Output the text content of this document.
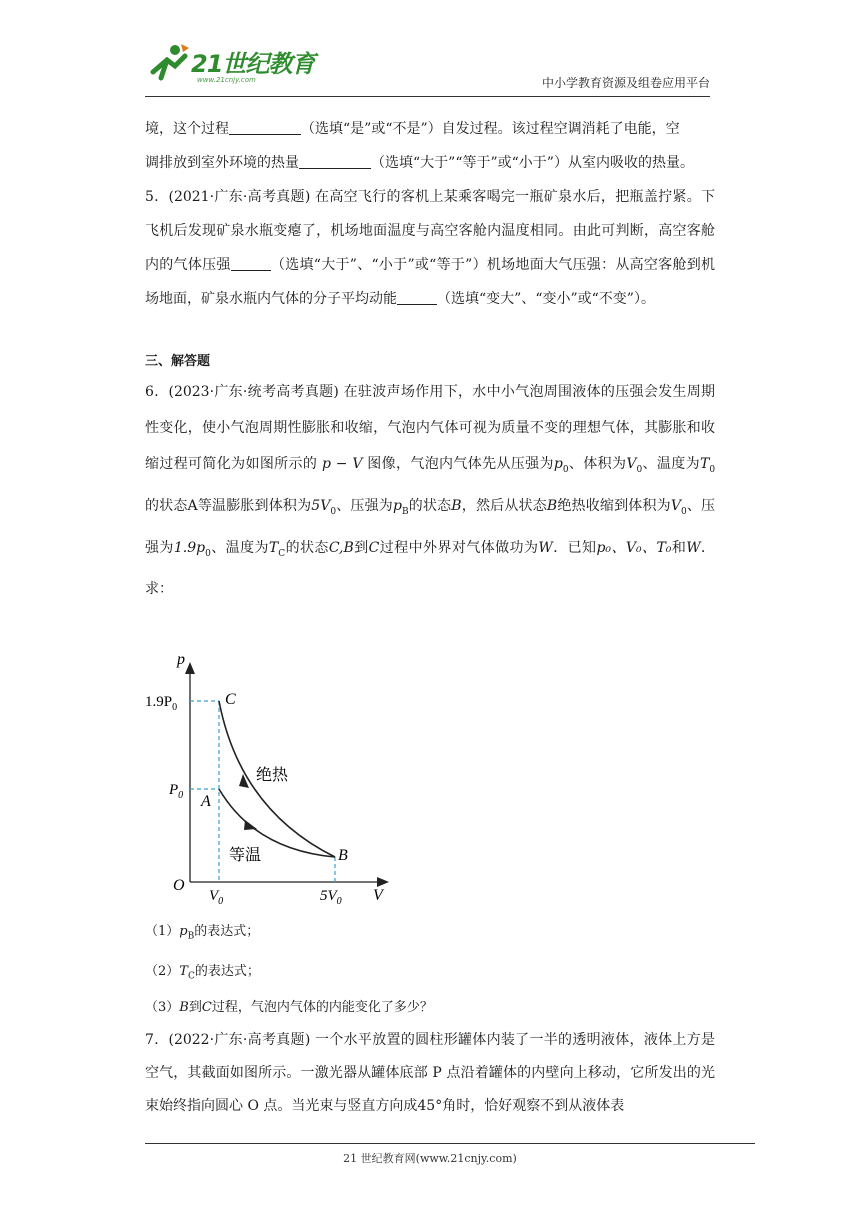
21世纪教育
www.21cnjy.com	中小学教育资源及组卷应用平台

境，这个过程	（选填“是”或“不是”）自发过程。该过程空调消耗了电能，空

调排放到室外环境的热量	（选填“大于”“等于”或“小于”）从室内吸收的热量。

5．(2021·广东·高考真题) 在高空飞行的客机上某乘客喝完一瓶矿泉水后，把瓶盖拧紧。下飞机后发现矿泉水瓶变瘪了，机场地面温度与高空客舱内温度相同。由此可判断，高空客舱内的气体压强	（选填“大于”、“小于”或“等于”）机场地面大气压强：从高空客舱到机场地面，矿泉水瓶内气体的分子平均动能	（选填“变大”、“变小”或“不变”）。

三、解答题

6．(2023·广东·统考高考真题) 在驻波声场作用下，水中小气泡周围液体的压强会发生周期性变化，使小气泡周期性膨胀和收缩，气泡内气体可视为质量不变的理想气体，其膨胀和收缩过程可简化为如图所示的 p − V 图像，气泡内气体先从压强为$p_0$、体积为$V_0$、温度为$T_0$的状态A等温膨胀到体积为$5V_0$、压强为$p_B$的状态B，然后从状态B绝热收缩到体积为$V_0$、压强为$1.9p_0$、温度为$T_C$的状态C,B到C过程中外界对气体做功为W．已知p₀、V₀、T₀和W．求：

p
V
O
$1.9P_0$
$P_0$
$V_0$	$5V_0$
C
A
B
绝热
等温
$(1)p_B$的表达式；
$(2)T_C$的表达式；
（3）B到C过程，气泡内气体的内能变化了多少？

7．(2022·广东·高考真题) 一个水平放置的圆柱形罐体内装了一半的透明液体，液体上方是空气，其截面如图所示。一激光器从罐体底部 P 点沿着罐体的内壁向上移动，它所发出的光束始终指向圆心 O 点。当光束与竖直方向成45°角时，恰好观察不到从液体表

21 世纪教育网(www.21cnjy.com)
